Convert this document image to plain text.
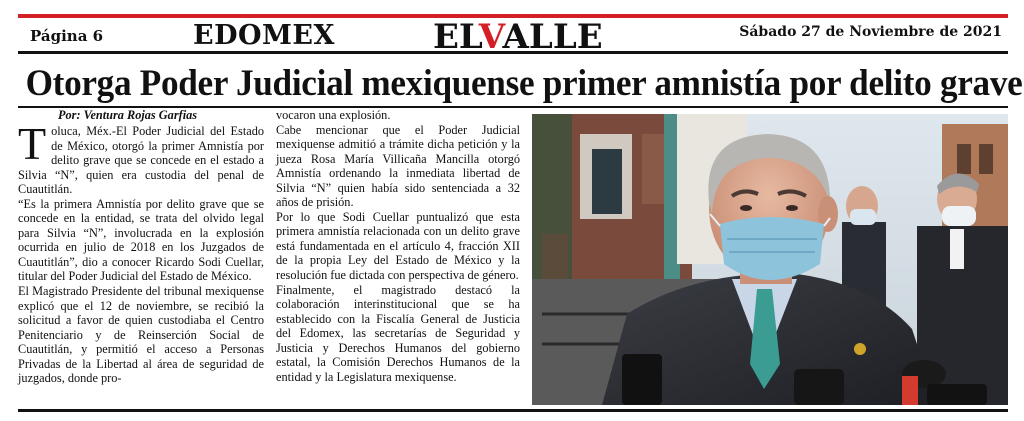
Página 6	EDOMEX	ELVALLE	Sábado 27 de Noviembre de 2021
Otorga Poder Judicial mexiquense primer amnistía por delito grave
Por: Ventura Rojas Garfias

Toluca, Méx.-El Poder Judicial del Estado de México, otorgó la primer Amnistía por delito grave que se concede en el estado a Silvia “N”, quien era custodia del penal de Cuautitlán.

“Es la primera Amnistía por delito grave que se concede en la entidad, se trata del olvido legal para Silvia “N”, involucrada en la explosión ocurrida en julio de 2018 en los Juzgados de Cuautitlán”, dio a conocer Ricardo Sodi Cuellar, titular del Poder Judicial del Estado de México.

El Magistrado Presidente del tribunal mexiquense explicó que el 12 de noviembre, se recibió la solicitud a favor de quien custodiaba el Centro Penitenciario y de Reinserción Social de Cuautitlán, y permitió el acceso a Personas Privadas de la Libertad al área de seguridad de juzgados, donde pro-

vocaron una explosión.

Cabe mencionar que el Poder Judicial mexiquense admitió a trámite dicha petición y la jueza Rosa María Villicaña Mancilla otorgó Amnistía ordenando la inmediata libertad de Silvia “N” quien había sido sentenciada a 32 años de prisión.

Por lo que Sodi Cuellar puntualizó que esta primera amnistía relacionada con un delito grave está fundamentada en el artículo 4, fracción XII de la propia Ley del Estado de México y la resolución fue dictada con perspectiva de género.

Finalmente, el magistrado destacó la colaboración interinstitucional que se ha establecido con la Fiscalía General de Justicia del Edomex, las secretarías de Seguridad y Justicia y Derechos Humanos del gobierno estatal, la Comisión Derechos Humanos de la entidad y la Legislatura mexiquense.
